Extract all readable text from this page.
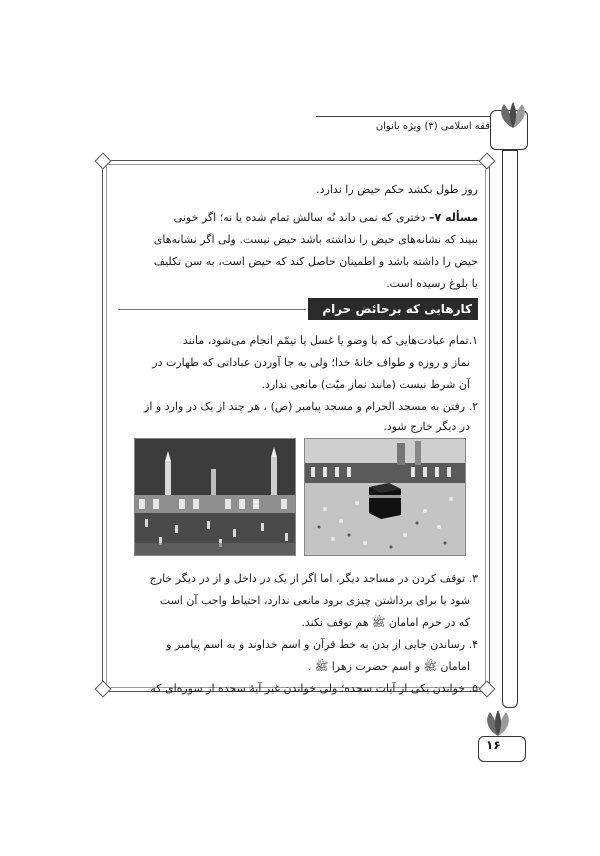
فقه اسلامی (۳) ویژه بانوان
روز طول بکشد حکم حیض را ندارد.
مسأله ۷– دختری که نمی داند نُه سالش تمام شده یا نه؛ اگر خونی
ببیند که نشانه‌های حیض را نداشته باشد حیض نیست. ولی اگر نشانه‌های
حیض را داشته باشد و اطمینان حاصل کند که حیض است، به سن تکلیف
یا بلوغ رسیده است.
کارهایی که برحائض حرام است
۱.تمام عبادت‌هایی که با وضو یا غسل یا تیمّم انجام می‌شود، مانند
نماز و روزه و طواف خانهٔ خدا؛ ولی به جا آوردن عباداتی که طهارت در
آن شرط نیست (مانند نماز میّت) مانعی ندارد.
۲. رفتن به مسجد الحرام و مسجد پیامبر (ص) ، هر چند از یک در وارد و از
در دیگر خارج شود.
۳. توقف کردن در مساجد دیگر، اما اگر از یک در داخل و از در دیگر خارج
شود یا برای برداشتن چیزی برود مانعی ندارد، احتیاط واجب آن است
که در حرم امامان ﷺ هم توقف نکند.
۴. رساندن جایی از بدن به خط قرآن و اسم خداوند و به اسم پیامبر و
امامان ﷺ و اسم حضرت زهرا ﷺ .
۵. خواندن یکی از آیات سجده؛ ولی خواندن غیر آیهٔ سجده از سوره‌ای که
۱۶
